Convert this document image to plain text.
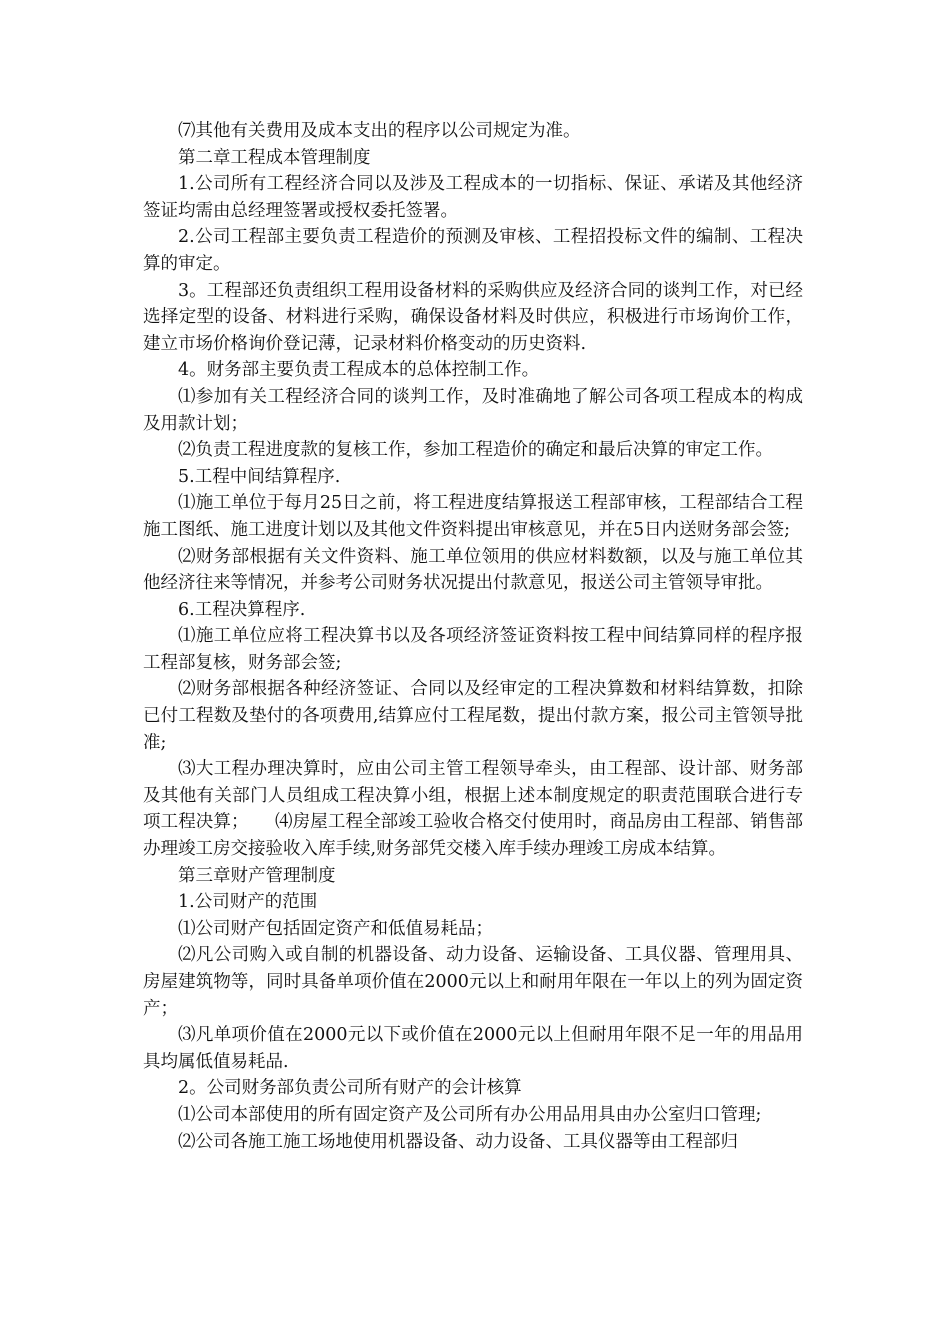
⑺其他有关费用及成本支出的程序以公司规定为准。

第二章工程成本管理制度

1.公司所有工程经济合同以及涉及工程成本的一切指标、保证、承诺及其他经济签证均需由总经理签署或授权委托签署。

2.公司工程部主要负责工程造价的预测及审核、工程招投标文件的编制、工程决算的审定。

3。工程部还负责组织工程用设备材料的采购供应及经济合同的谈判工作，对已经选择定型的设备、材料进行采购，确保设备材料及时供应，积极进行市场询价工作，建立市场价格询价登记薄，记录材料价格变动的历史资料.

4。财务部主要负责工程成本的总体控制工作。

⑴参加有关工程经济合同的谈判工作，及时准确地了解公司各项工程成本的构成及用款计划；

⑵负责工程进度款的复核工作，参加工程造价的确定和最后决算的审定工作。

5.工程中间结算程序.

⑴施工单位于每月25日之前，将工程进度结算报送工程部审核，工程部结合工程施工图纸、施工进度计划以及其他文件资料提出审核意见，并在5日内送财务部会签;

⑵财务部根据有关文件资料、施工单位领用的供应材料数额，以及与施工单位其他经济往来等情况，并参考公司财务状况提出付款意见，报送公司主管领导审批。

6.工程决算程序.

⑴施工单位应将工程决算书以及各项经济签证资料按工程中间结算同样的程序报工程部复核，财务部会签;

⑵财务部根据各种经济签证、合同以及经审定的工程决算数和材料结算数，扣除已付工程数及垫付的各项费用,结算应付工程尾数，提出付款方案，报公司主管领导批准;

⑶大工程办理决算时，应由公司主管工程领导牵头，由工程部、设计部、财务部及其他有关部门人员组成工程决算小组，根据上述本制度规定的职责范围联合进行专项工程决算；　　⑷房屋工程全部竣工验收合格交付使用时，商品房由工程部、销售部办理竣工房交接验收入库手续,财务部凭交楼入库手续办理竣工房成本结算。

第三章财产管理制度

1.公司财产的范围

⑴公司财产包括固定资产和低值易耗品；

⑵凡公司购入或自制的机器设备、动力设备、运输设备、工具仪器、管理用具、房屋建筑物等，同时具备单项价值在2000元以上和耐用年限在一年以上的列为固定资产；

⑶凡单项价值在2000元以下或价值在2000元以上但耐用年限不足一年的用品用具均属低值易耗品.

2。公司财务部负责公司所有财产的会计核算

⑴公司本部使用的所有固定资产及公司所有办公用品用具由办公室归口管理;

⑵公司各施工施工场地使用机器设备、动力设备、工具仪器等由工程部归
